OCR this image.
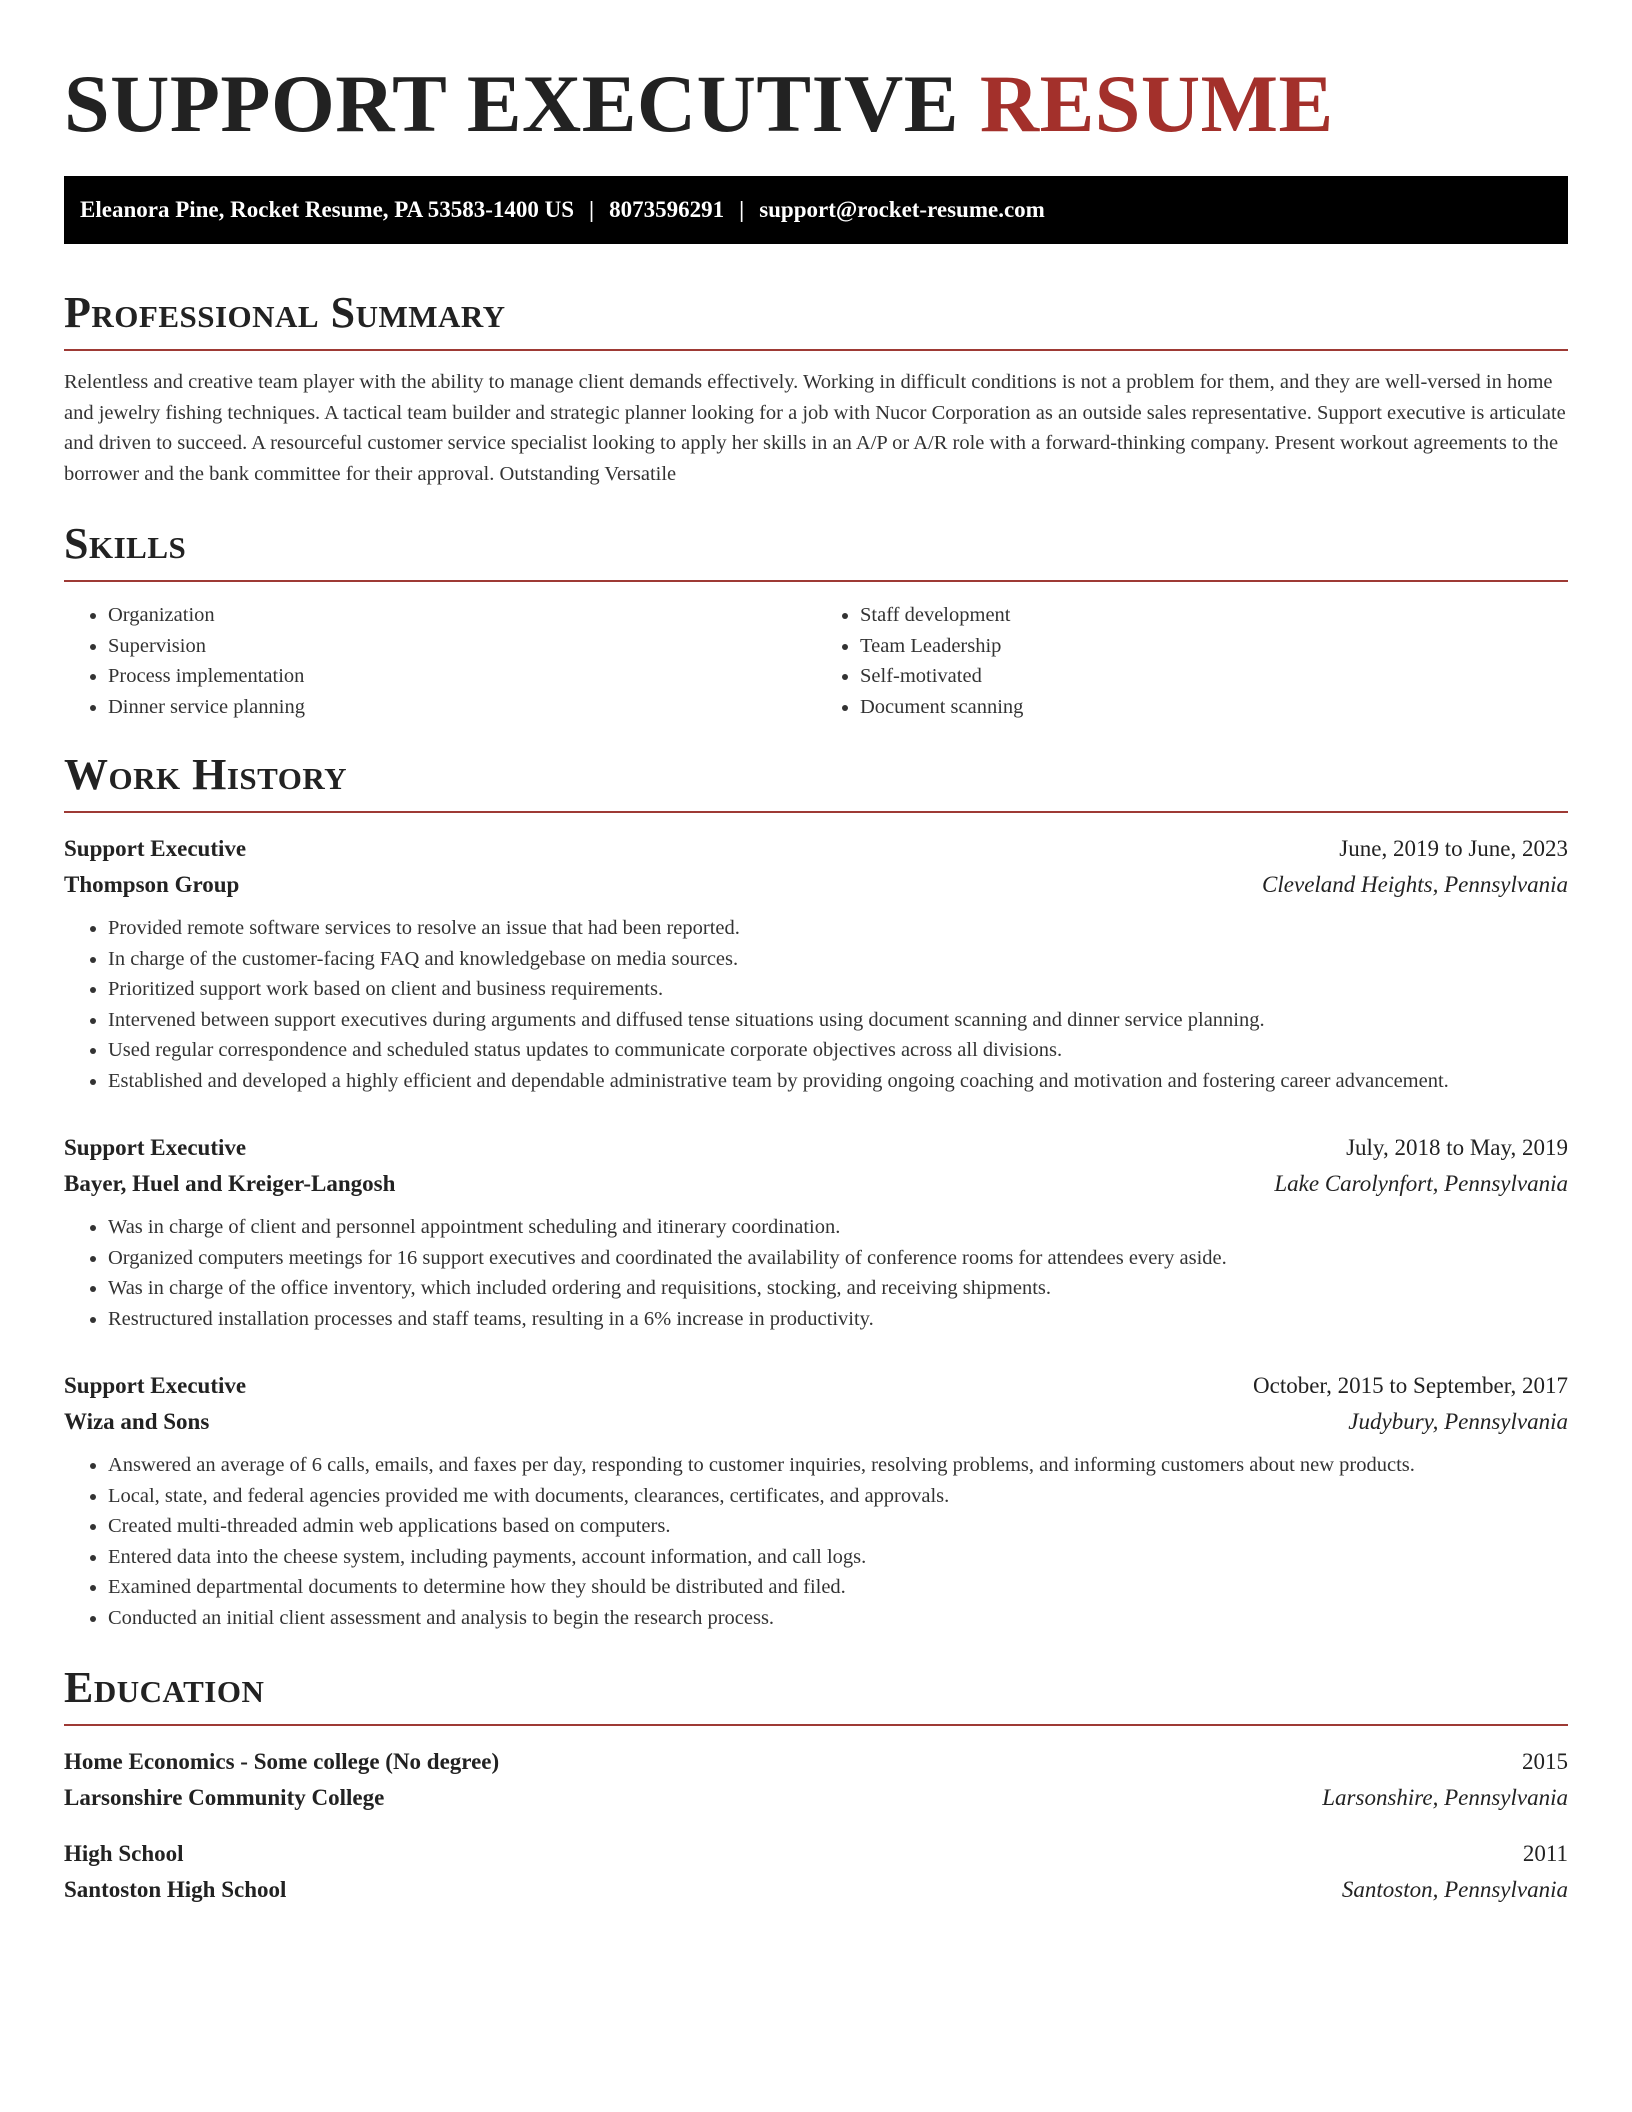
SUPPORT EXECUTIVE RESUME
Eleanora Pine, Rocket Resume, PA 53583-1400 US | 8073596291 | support@rocket-resume.com
Professional Summary

Relentless and creative team player with the ability to manage client demands effectively. Working in difficult conditions is not a problem for them, and they are well-versed in home and jewelry fishing techniques. A tactical team builder and strategic planner looking for a job with Nucor Corporation as an outside sales representative. Support executive is articulate and driven to succeed. A resourceful customer service specialist looking to apply her skills in an A/P or A/R role with a forward-thinking company. Present workout agreements to the borrower and the bank committee for their approval. Outstanding Versatile

Skills
• Organization
• Supervision
• Process implementation
• Dinner service planning
• Staff development
• Team Leadership
• Self-motivated
• Document scanning
Work History
Support Executive	June, 2019 to June, 2023
Thompson Group	Cleveland Heights, Pennsylvania
• Provided remote software services to resolve an issue that had been reported.
• In charge of the customer-facing FAQ and knowledgebase on media sources.
• Prioritized support work based on client and business requirements.
• Intervened between support executives during arguments and diffused tense situations using document scanning and dinner service planning.
• Used regular correspondence and scheduled status updates to communicate corporate objectives across all divisions.
• Established and developed a highly efficient and dependable administrative team by providing ongoing coaching and motivation and fostering career advancement.
Support Executive	July, 2018 to May, 2019
Bayer, Huel and Kreiger-Langosh	Lake Carolynfort, Pennsylvania
• Was in charge of client and personnel appointment scheduling and itinerary coordination.
• Organized computers meetings for 16 support executives and coordinated the availability of conference rooms for attendees every aside.
• Was in charge of the office inventory, which included ordering and requisitions, stocking, and receiving shipments.
• Restructured installation processes and staff teams, resulting in a 6% increase in productivity.
Support Executive	October, 2015 to September, 2017
Wiza and Sons	Judybury, Pennsylvania
• Answered an average of 6 calls, emails, and faxes per day, responding to customer inquiries, resolving problems, and informing customers about new products.
• Local, state, and federal agencies provided me with documents, clearances, certificates, and approvals.
• Created multi-threaded admin web applications based on computers.
• Entered data into the cheese system, including payments, account information, and call logs.
• Examined departmental documents to determine how they should be distributed and filed.
• Conducted an initial client assessment and analysis to begin the research process.
Education
Home Economics - Some college (No degree)	2015
Larsonshire Community College	Larsonshire, Pennsylvania
High School	2011
Santoston High School	Santoston, Pennsylvania
